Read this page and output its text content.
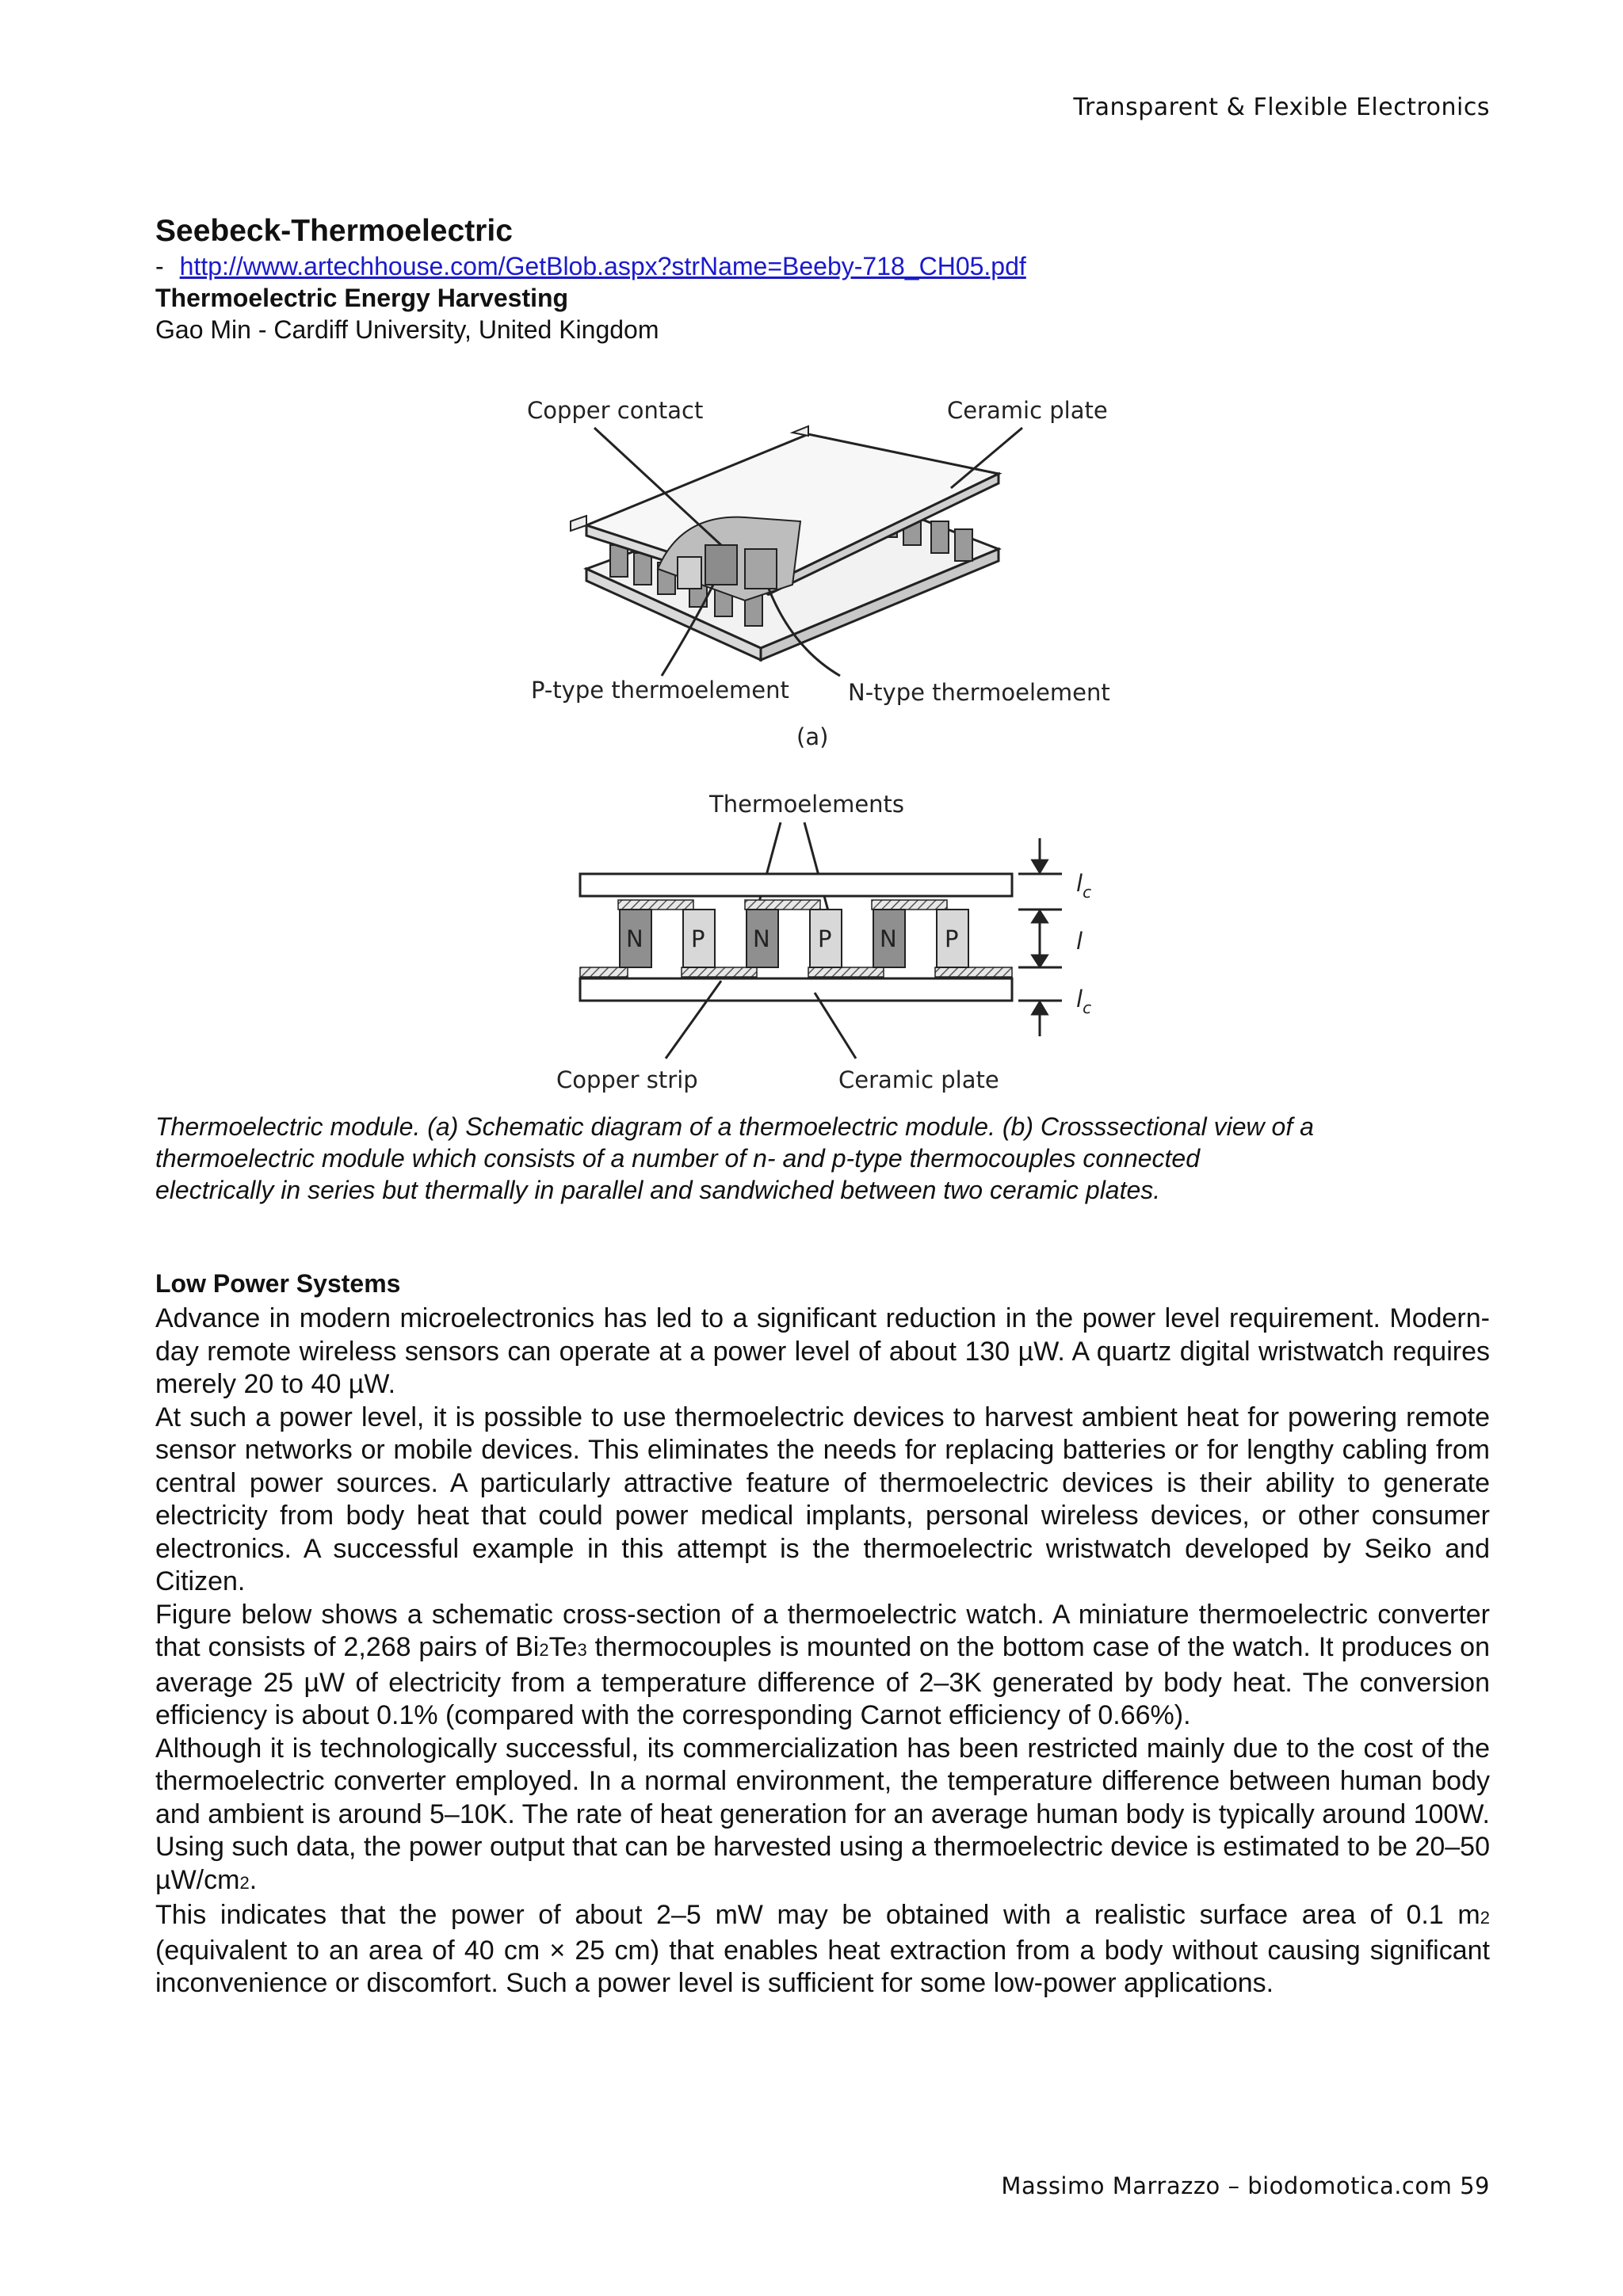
Transparent & Flexible Electronics
Seebeck-Thermoelectric

- http://www.artechhouse.com/GetBlob.aspx?strName=Beeby-718_CH05.pdf

Thermoelectric Energy Harvesting

Gao Min - Cardiff University, United Kingdom

Copper contact	Ceramic plate
P-type thermoelement	N-type thermoelement
(a)
Thermoelements
N P N P N P
$l_c$
l
$l_c$
Copper strip	Ceramic plate
Thermoelectric module. (a) Schematic diagram of a thermoelectric module. (b) Crosssectional view of a thermoelectric module which consists of a number of n- and p-type thermocouples connected electrically in series but thermally in parallel and sandwiched between two ceramic plates.

Low Power Systems

Advance in modern microelectronics has led to a significant reduction in the power level requirement. Modern-day remote wireless sensors can operate at a power level of about 130 µW. A quartz digital wristwatch requires merely 20 to 40 µW.

At such a power level, it is possible to use thermoelectric devices to harvest ambient heat for powering remote sensor networks or mobile devices. This eliminates the needs for replacing batteries or for lengthy cabling from central power sources. A particularly attractive feature of thermoelectric devices is their ability to generate electricity from body heat that could power medical implants, personal wireless devices, or other consumer electronics. A successful example in this attempt is the thermoelectric wristwatch developed by Seiko and Citizen.

Figure below shows a schematic cross-section of a thermoelectric watch. A miniature thermoelectric converter that consists of 2,268 pairs of Bi2Te3 thermocouples is mounted on the bottom case of the watch. It produces on average 25 µW of electricity from a temperature difference of 2–3K generated by body heat. The conversion efficiency is about 0.1% (compared with the corresponding Carnot efficiency of 0.66%).

Although it is technologically successful, its commercialization has been restricted mainly due to the cost of the thermoelectric converter employed. In a normal environment, the temperature difference between human body and ambient is around 5–10K. The rate of heat generation for an average human body is typically around 100W. Using such data, the power output that can be harvested using a thermoelectric device is estimated to be 20–50 µW/cm2.

This indicates that the power of about 2–5 mW may be obtained with a realistic surface area of 0.1 m2 (equivalent to an area of 40 cm × 25 cm) that enables heat extraction from a body without causing significant inconvenience or discomfort. Such a power level is sufficient for some low-power applications.

Massimo Marrazzo – biodomotica.com 59
